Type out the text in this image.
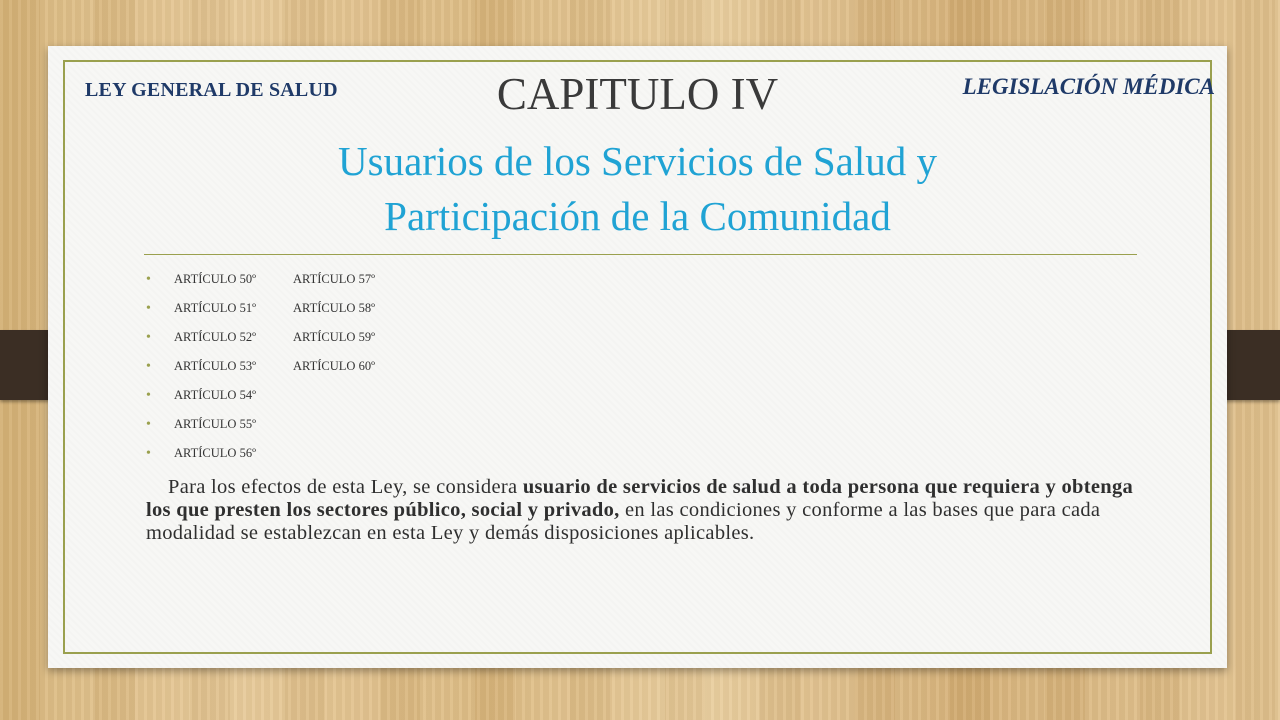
LEY GENERAL DE SALUD	LEGISLACIÓN MÉDICA

CAPITULO IV
Usuarios de los Servicios de Salud y
Participación de la Comunidad
• ARTÍCULO 50º	ARTÍCULO 57º
• ARTÍCULO 51º	ARTÍCULO 58º
• ARTÍCULO 52º	ARTÍCULO 59º
• ARTÍCULO 53º	ARTÍCULO 60º
• ARTÍCULO 54º
• ARTÍCULO 55º
• ARTÍCULO 56º

Para los efectos de esta Ley, se considera usuario de servicios de salud a toda persona que requiera y obtenga los que presten los sectores público, social y privado, en las condiciones y conforme a las bases que para cada modalidad se establezcan en esta Ley y demás disposiciones aplicables.
